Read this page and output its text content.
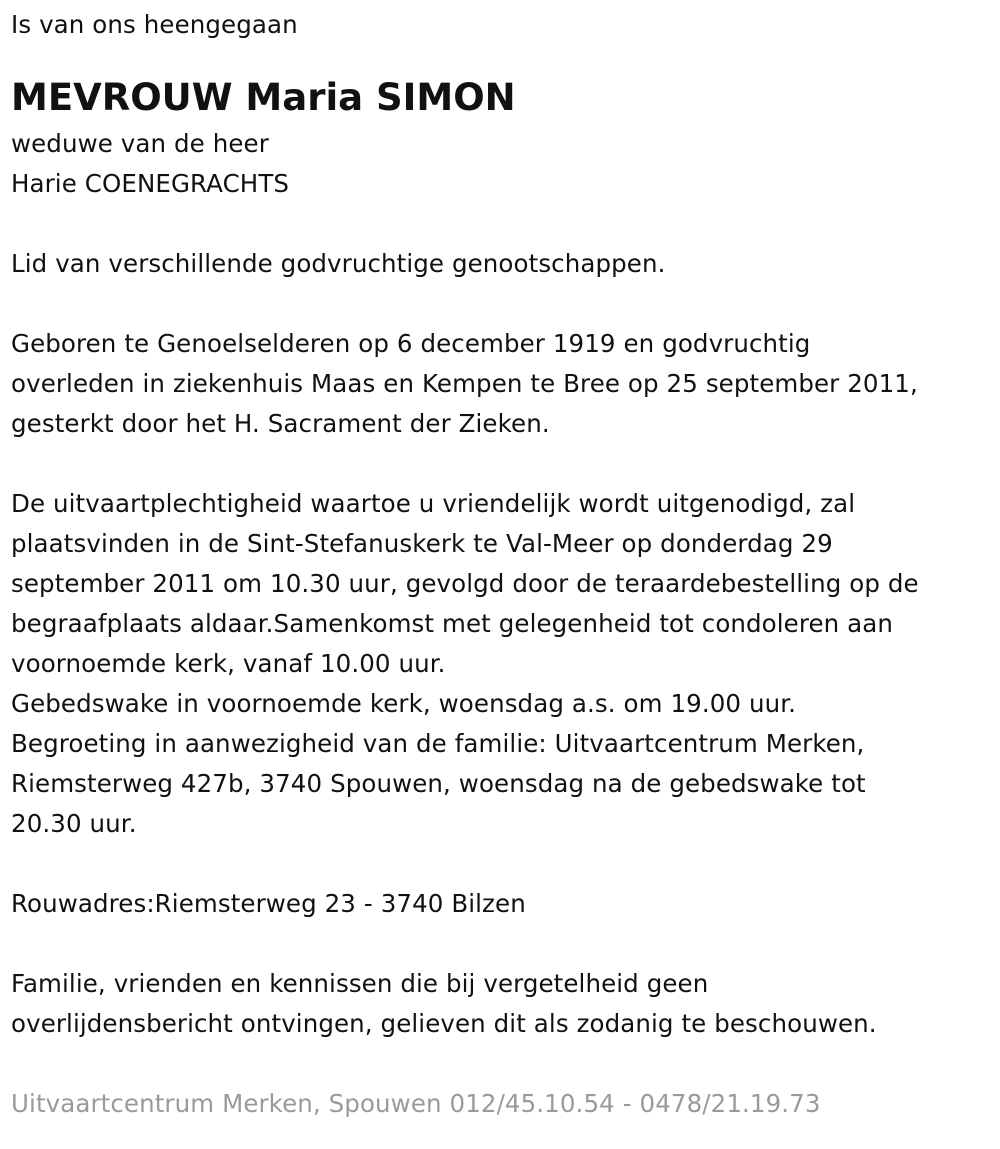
Is van ons heengegaan
MEVROUW Maria SIMON
weduwe van de heer
Harie COENEGRACHTS
Lid van verschillende godvruchtige genootschappen.
Geboren te Genoelselderen op 6 december 1919 en godvruchtig
overleden in ziekenhuis Maas en Kempen te Bree op 25 september 2011,
gesterkt door het H. Sacrament der Zieken.
De uitvaartplechtigheid waartoe u vriendelijk wordt uitgenodigd, zal
plaatsvinden in de Sint-Stefanuskerk te Val-Meer op donderdag 29
september 2011 om 10.30 uur, gevolgd door de teraardebestelling op de
begraafplaats aldaar.Samenkomst met gelegenheid tot condoleren aan
voornoemde kerk, vanaf 10.00 uur.
Gebedswake in voornoemde kerk, woensdag a.s. om 19.00 uur.
Begroeting in aanwezigheid van de familie: Uitvaartcentrum Merken,
Riemsterweg 427b, 3740 Spouwen, woensdag na de gebedswake tot
20.30 uur.
Rouwadres:Riemsterweg 23 - 3740 Bilzen
Familie, vrienden en kennissen die bij vergetelheid geen
overlijdensbericht ontvingen, gelieven dit als zodanig te beschouwen.
Uitvaartcentrum Merken, Spouwen 012/45.10.54 - 0478/21.19.73
